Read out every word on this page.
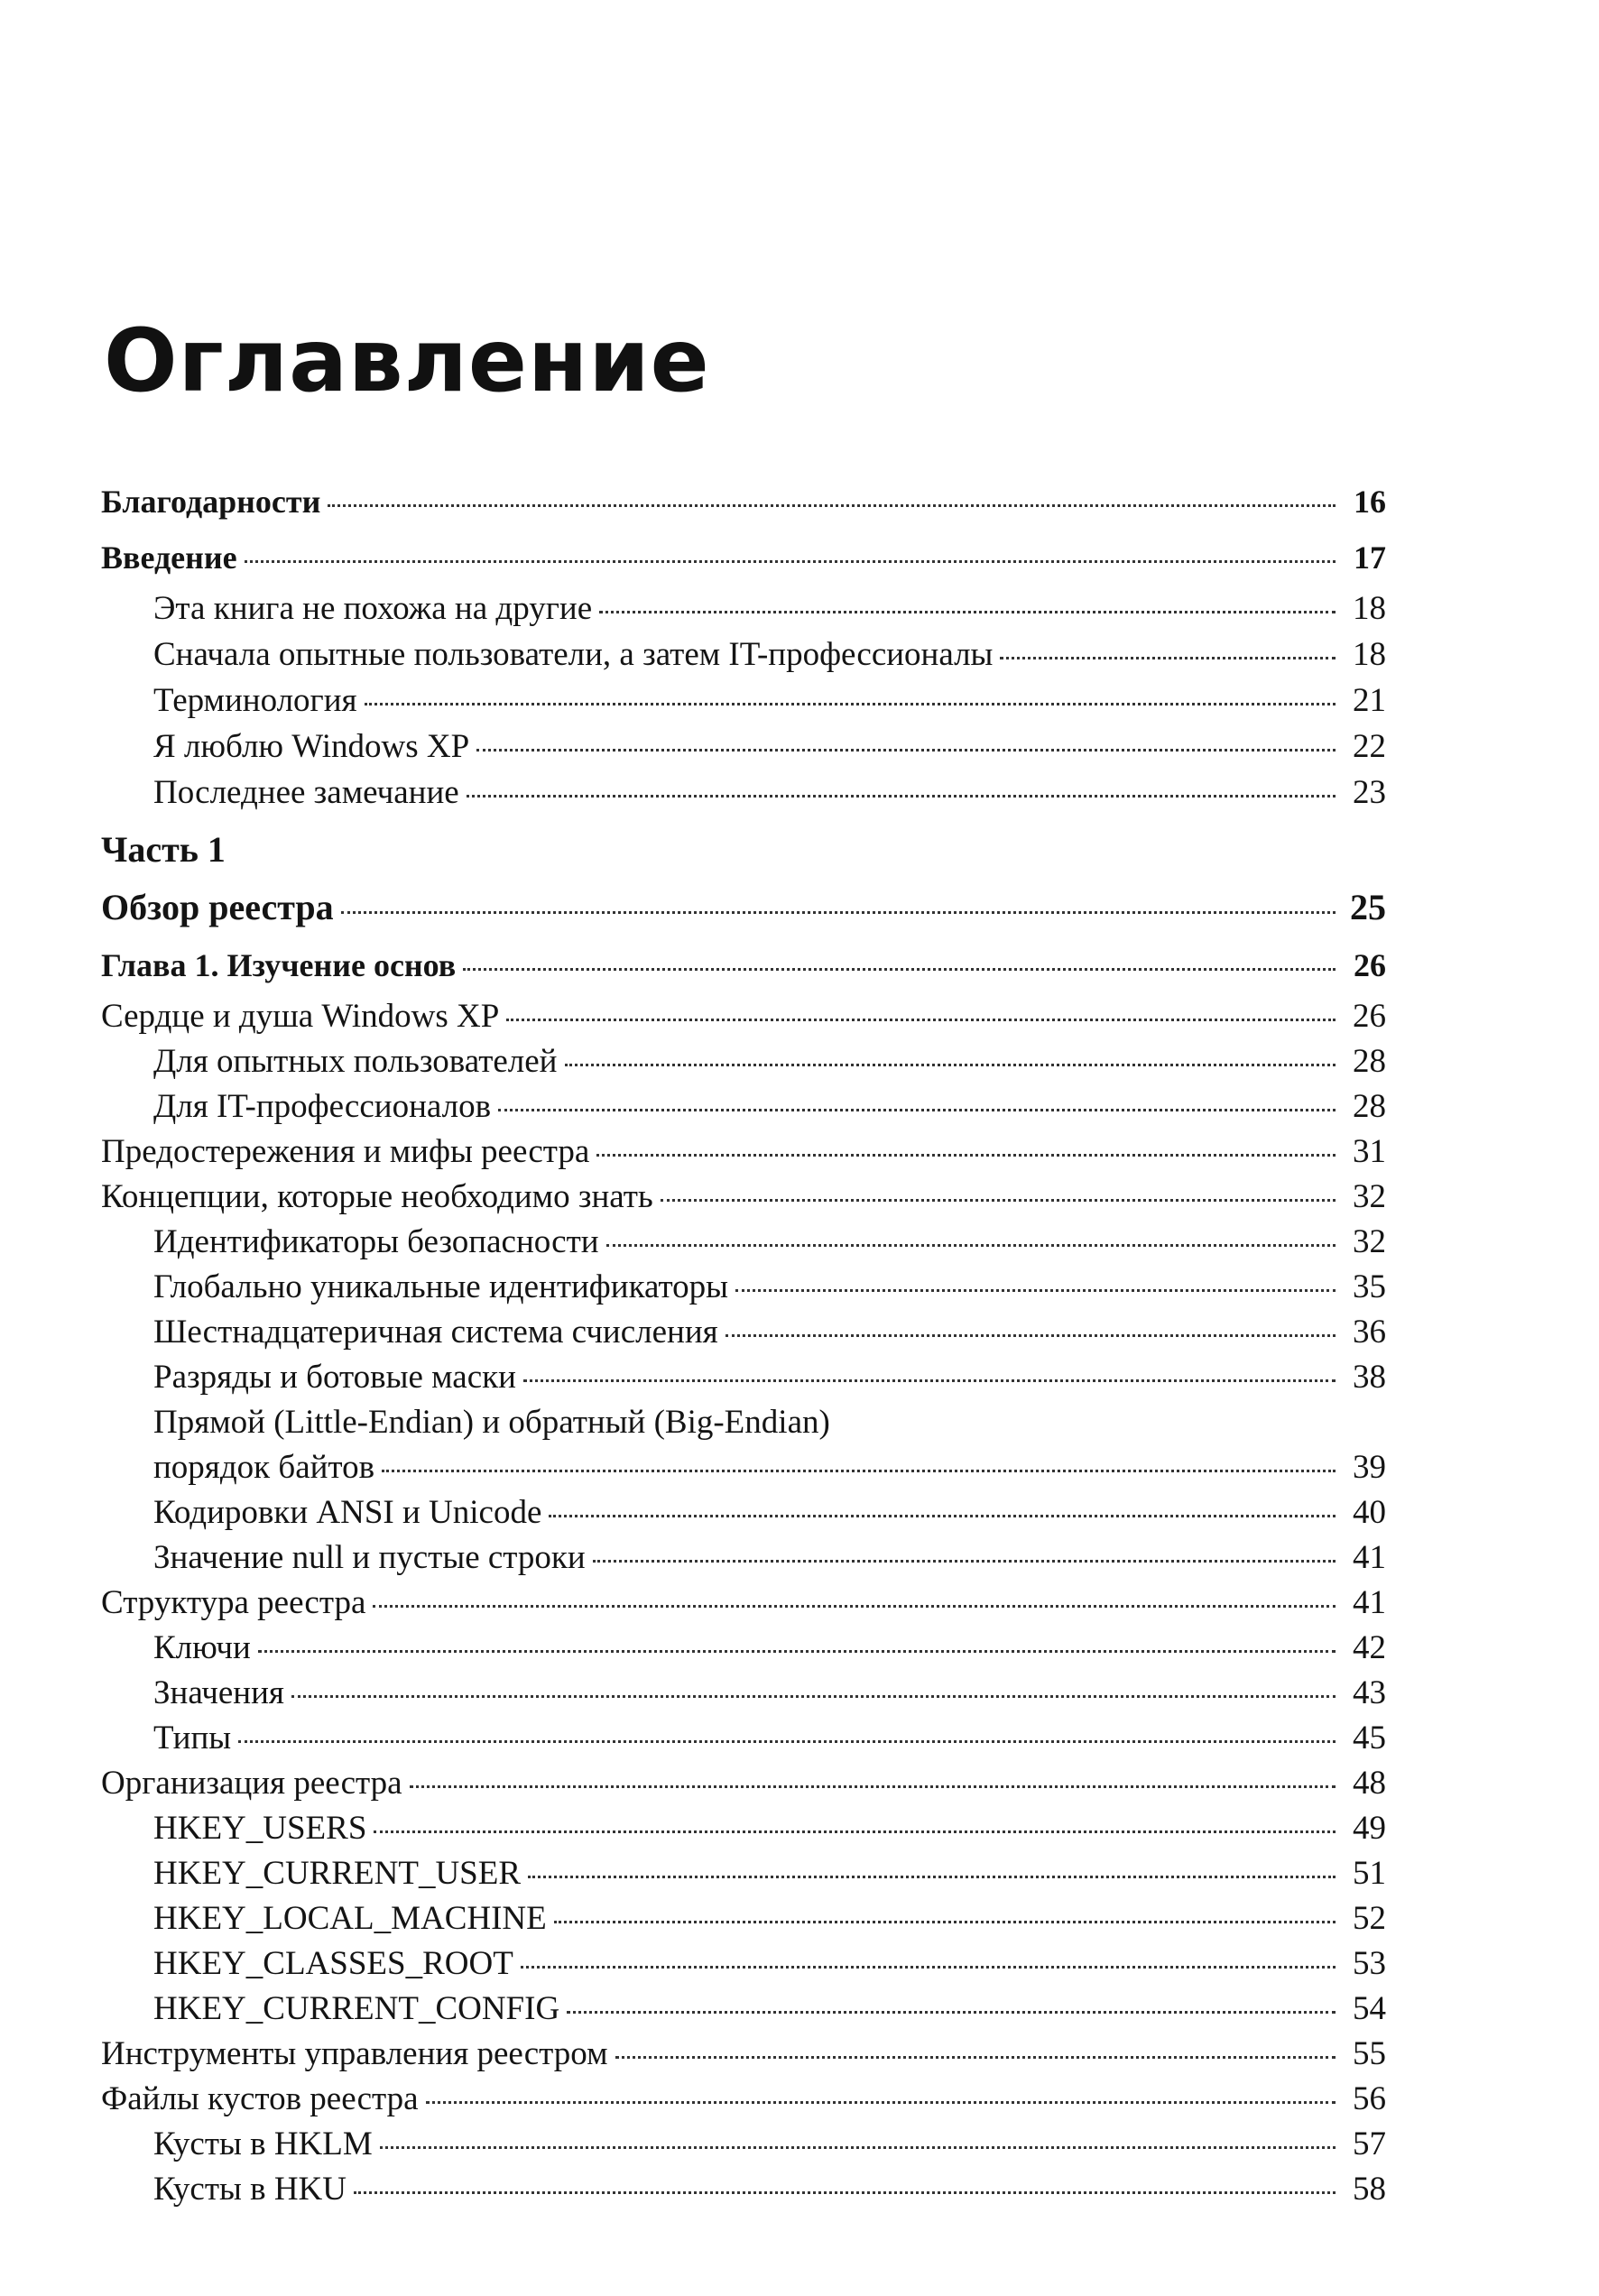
Оглавление
Благодарности	16
Введение	17
Эта книга не похожа на другие	18
Сначала опытные пользователи, а затем IT-профессионалы	18
Терминология	21
Я люблю Windows XP	22
Последнее замечание	23
Часть 1
Обзор реестра	25
Глава 1. Изучение основ	26
Сердце и душа Windows XP	26
Для опытных пользователей	28
Для IT-профессионалов	28
Предостережения и мифы реестра	31
Концепции, которые необходимо знать	32
Идентификаторы безопасности	32
Глобально уникальные идентификаторы	35
Шестнадцатеричная система счисления	36
Разряды и ботовые маски	38
Прямой (Little-Endian) и обратный (Big-Endian)
порядок байтов	39
Кодировки ANSI и Unicode	40
Значение null и пустые строки	41
Структура реестра	41
Ключи	42
Значения	43
Типы	45
Организация реестра	48
HKEY_USERS	49
HKEY_CURRENT_USER	51
HKEY_LOCAL_MACHINE	52
HKEY_CLASSES_ROOT	53
HKEY_CURRENT_CONFIG	54
Инструменты управления реестром	55
Файлы кустов реестра	56
Кусты в HKLM	57
Кусты в HKU	58
